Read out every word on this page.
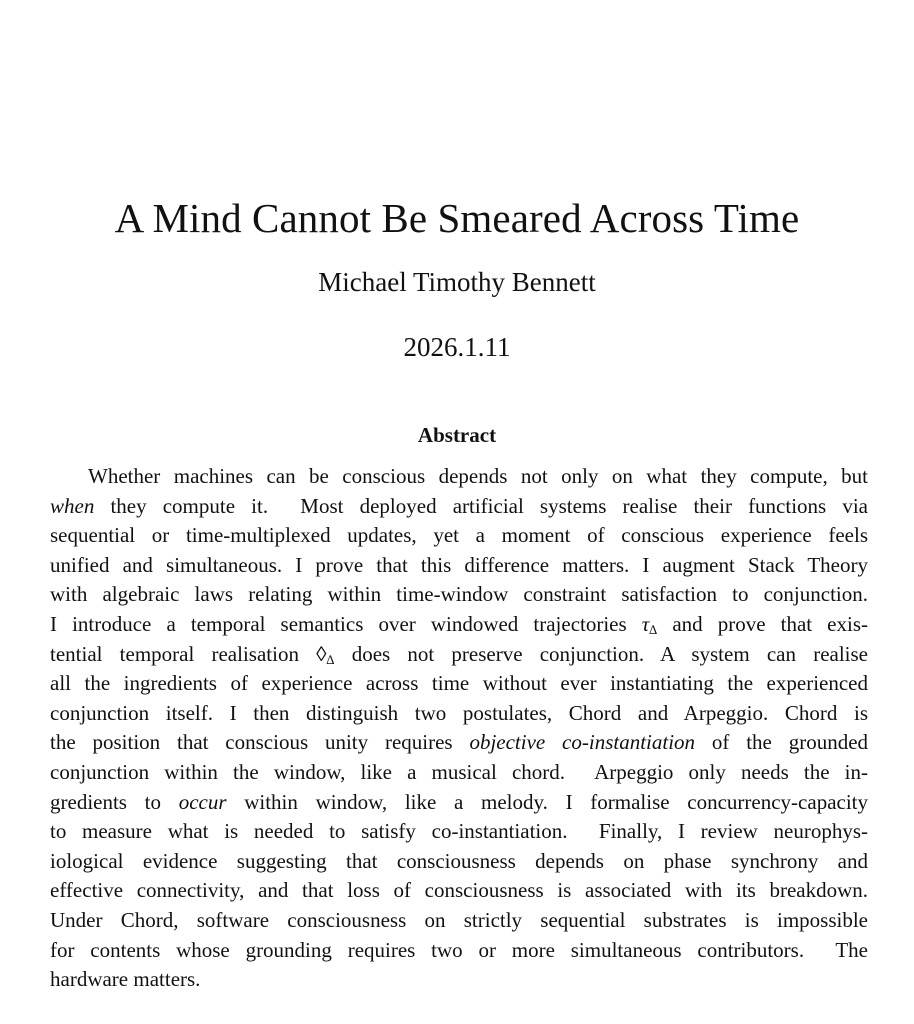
A Mind Cannot Be Smeared Across Time
Michael Timothy Bennett
2026.1.11
Abstract
Whether machines can be conscious depends not only on what they compute, but
when they compute it.  Most deployed artificial systems realise their functions via
sequential or time-multiplexed updates, yet a moment of conscious experience feels
unified and simultaneous. I prove that this difference matters. I augment Stack Theory
with algebraic laws relating within time-window constraint satisfaction to conjunction.
I introduce a temporal semantics over windowed trajectories $\tau_\Delta$ and prove that exis-
tential temporal realisation $◊_\Delta$ does not preserve conjunction. A system can realise
all the ingredients of experience across time without ever instantiating the experienced
conjunction itself. I then distinguish two postulates, Chord and Arpeggio. Chord is
the position that conscious unity requires objective co-instantiation of the grounded
conjunction within the window, like a musical chord.  Arpeggio only needs the in-
gredients to occur within window, like a melody. I formalise concurrency-capacity
to measure what is needed to satisfy co-instantiation.  Finally, I review neurophys-
iological evidence suggesting that consciousness depends on phase synchrony and
effective connectivity, and that loss of consciousness is associated with its breakdown.
Under Chord, software consciousness on strictly sequential substrates is impossible
for contents whose grounding requires two or more simultaneous contributors.  The
hardware matters.
